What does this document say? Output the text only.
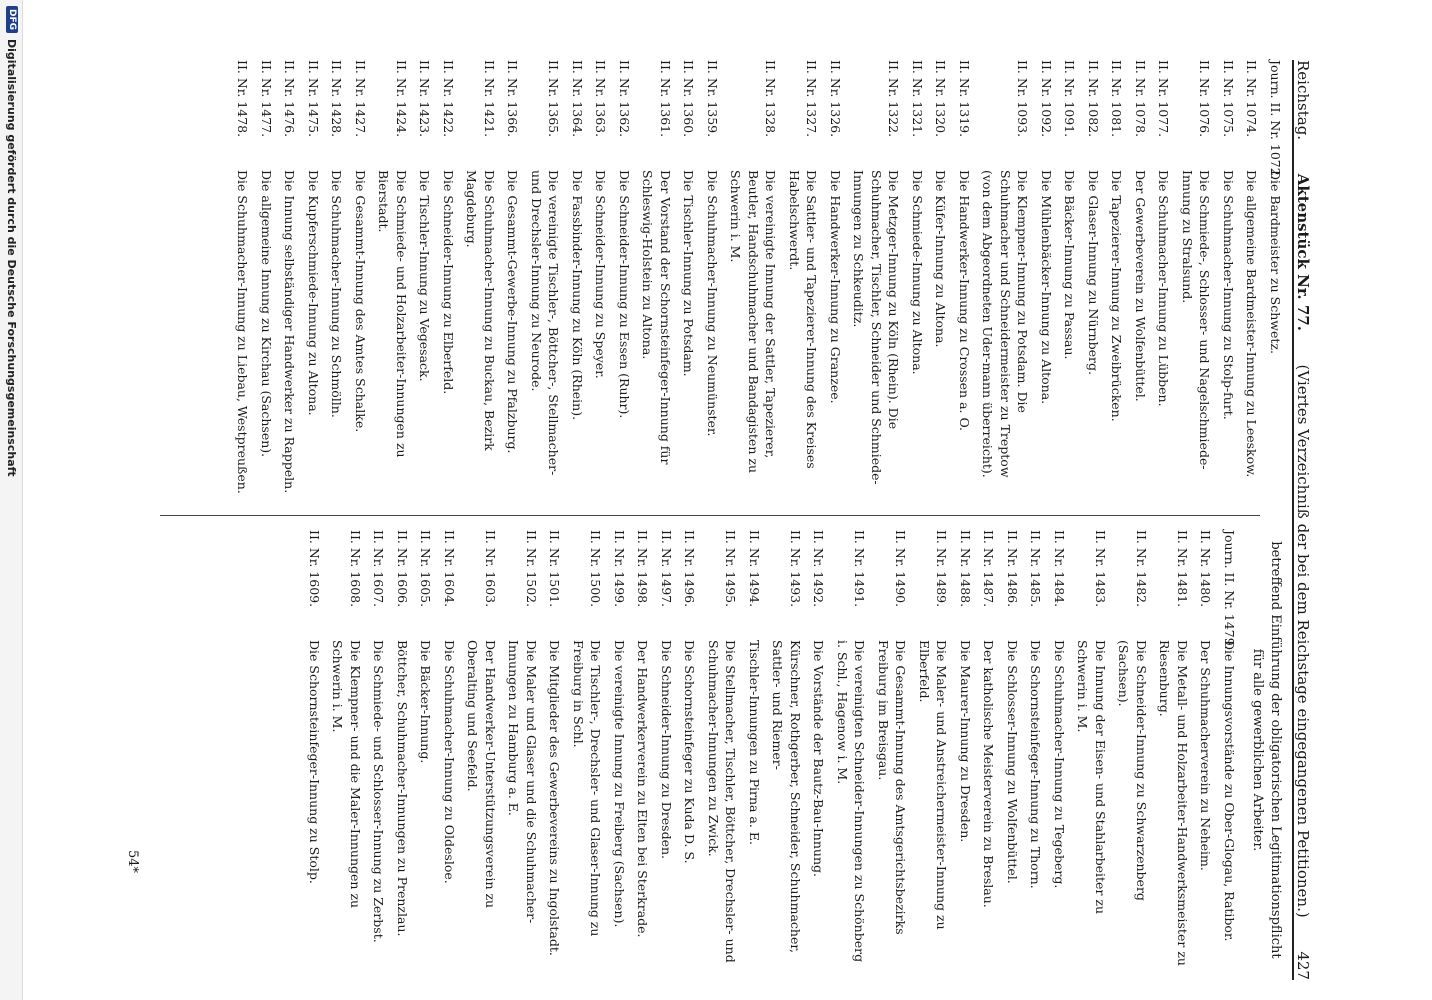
DFG
Digitalisierung gefördert durch die Deutsche Forschungsgemeinschaft	Reichstag.
Aktenstück Nr. 77.
(Viertes Verzeichniß der bei dem Reichstage eingegangenen Petitionen.)
427
Journ. II. Nr. 1072.
Die Bardmeister zu Schwetz.
II. Nr. 1074.
Die allgemeine Bardmeister-Innung zu Leeskow.
II. Nr. 1075.
Die Schuhmacher-Innung zu Stolp-furt.
II. Nr. 1076.
Die Schmiede-, Schlosser- und Nagelschmiede-Innung zu Stralsund.
II. Nr. 1077.
Die Schuhmacher-Innung zu Lübben.
II. Nr. 1078.
Der Gewerbeverein zu Wolfenbüttel.
II. Nr. 1081.
Die Tapezierer-Innung zu Zweibrücken.
II. Nr. 1082.
Die Glaser-Innung zu Nürnberg.
II. Nr. 1091.
Die Bäcker-Innung zu Passau.
II. Nr. 1092.
Die Mühlenbäcker-Innung zu Altona.
II. Nr. 1093.
Die Klempner-Innung zu Potsdam. Die Schuhmacher und Schneidermeister zu Treptow (von dem Abgeordneten Uder-mann überreicht).
II. Nr. 1319.
Die Handwerker-Innung zu Crossen a. O.
II. Nr. 1320.
Die Küfer-Innung zu Altona.
II. Nr. 1321.
Die Schmiede-Innung zu Altona.
II. Nr. 1322.
Die Metzger-Innung zu Köln (Rhein). Die Schuhmacher, Tischler, Schneider und Schmiede-Innungen zu Schkeuditz.
II. Nr. 1326.
Die Handwerker-Innung zu Granzee.
II. Nr. 1327.
Die Sattler- und Tapezierer-Innung des Kreises Habelschwerdt.
II. Nr. 1328.
Die vereinigte Innung der Sattler, Tapezierer, Beutler, Handschuhmacher und Bandagisten zu Schwerin i. M.
II. Nr. 1359.
Die Schuhmacher-Innung zu Neumünster.
II. Nr. 1360.
Die Tischler-Innung zu Potsdam.
II. Nr. 1361.
Der Vorstand der Schornsteinfeger-Innung für Schleswig-Holstein zu Altona.
II. Nr. 1362.
Die Schneider-Innung zu Essen (Ruhr).
II. Nr. 1363.
Die Schneider-Innung zu Speyer.
II. Nr. 1364.
Die Fassbinder-Innung zu Köln (Rhein).
II. Nr. 1365.
Die vereinigte Tischler-, Böttcher-, Stellmacher- und Drechsler-Innung zu Neurode.
II. Nr. 1366.
Die Gesammt-Gewerbe-Innung zu Pfalzburg.
II. Nr. 1421.
Die Schuhmacher-Innung zu Buckau, Bezirk Magdeburg.
II. Nr. 1422.
Die Schneider-Innung zu Elberfeld.
II. Nr. 1423.
Die Tischler-Innung zu Vegesack.
II. Nr. 1424.
Die Schmiede- und Holzarbeiter-Innungen zu Bierstadt.
II. Nr. 1427.
Die Gesammt-Innung des Amtes Schalke.
II. Nr. 1428.
Die Schuhmacher-Innung zu Schmölln.
II. Nr. 1475.
Die Kupferschmiede-Innung zu Altona.
II. Nr. 1476.
Die Innung selbständiger Handwerker zu Rappeln.
II. Nr. 1477.
Die allgemeine Innung zu Kirchau (Sachsen).
II. Nr. 1478.
Die Schuhmacher-Innung zu Liebau, Westpreußen.

betreffend Einführung der obligatorischen Legitimationspflicht für alle gewerblichen Arbeiter.

Journ. II. Nr. 1479.
Die Innungsvorstände zu Ober-Glogau, Ratibor.
II. Nr. 1480.
Der Schuhmacherverein zu Neheim.
II. Nr. 1481.
Die Metall- und Holzarbeiter-Handwerksmeister zu Riesenburg.
II. Nr. 1482.
Die Schneider-Innung zu Schwarzenberg (Sachsen).
II. Nr. 1483.
Die Innung der Eisen- und Stahlarbeiter zu Schwerin i. M.
II. Nr. 1484.
Die Schuhmacher-Innung zu Tegeberg.
II. Nr. 1485.
Die Schornsteinfeger-Innung zu Thorn.
II. Nr. 1486.
Die Schlosser-Innung zu Wolfenbüttel.
II. Nr. 1487.
Der katholische Meisterverein zu Breslau.
II. Nr. 1488.
Die Maurer-Innung zu Dresden.
II. Nr. 1489.
Die Maler- und Anstreichermeister-Innung zu Elberfeld.
II. Nr. 1490.
Die Gesammt-Innung des Amtsgerichtsbezirks Freiburg im Breisgau.
II. Nr. 1491.
Die vereinigten Schneider-Innungen zu Schönberg i. Schl., Hagenow i. M.
II. Nr. 1492.
Die Vorstände der Bautz-Bau-Innung.
II. Nr. 1493.
Kürschner, Rothgerber, Schneider, Schuhmacher, Sattler- und Riemer-
II. Nr. 1494.
Tischler-Innungen zu Pirna a. E.
II. Nr. 1495.
Die Stellmacher, Tischler, Böttcher, Drechsler- und Schuhmacher-Innungen zu Zwick.
II. Nr. 1496.
Die Schornsteinfeger zu Kuda D. S.
II. Nr. 1497.
Die Schneider-Innung zu Dresden.
II. Nr. 1498.
Der Handwerkerverein zu Elten bei Sterkrade.
II. Nr. 1499.
Die vereinigte Innung zu Freiberg (Sachsen).
II. Nr. 1500.
Die Tischler-, Drechsler- und Glaser-Innung zu Freiburg in Schl.
II. Nr. 1501.
Die Mitglieder des Gewerbevereins zu Ingolstadt.
II. Nr. 1502.
Die Maler und Glaser und die Schuhmacher-Innungen zu Hamburg a. E.
II. Nr. 1603.
Der Handwerker-Unterstützungsverein zu Oberalting und Seefeld.
II. Nr. 1604.
Die Schuhmacher-Innung zu Oldesloe.
II. Nr. 1605.
Die Bäcker-Innung.
II. Nr. 1606.
Böttcher, Schuhmacher-Innungen zu Prenzlau.
II. Nr. 1607.
Die Schmiede- und Schlosser-Innung zu Zerbst.
II. Nr. 1608.
Die Klempner- und die Maler-Innungen zu Schwerin i. M.
II. Nr. 1609.
Die Schornsteinfeger-Innung zu Stolp.
54*
